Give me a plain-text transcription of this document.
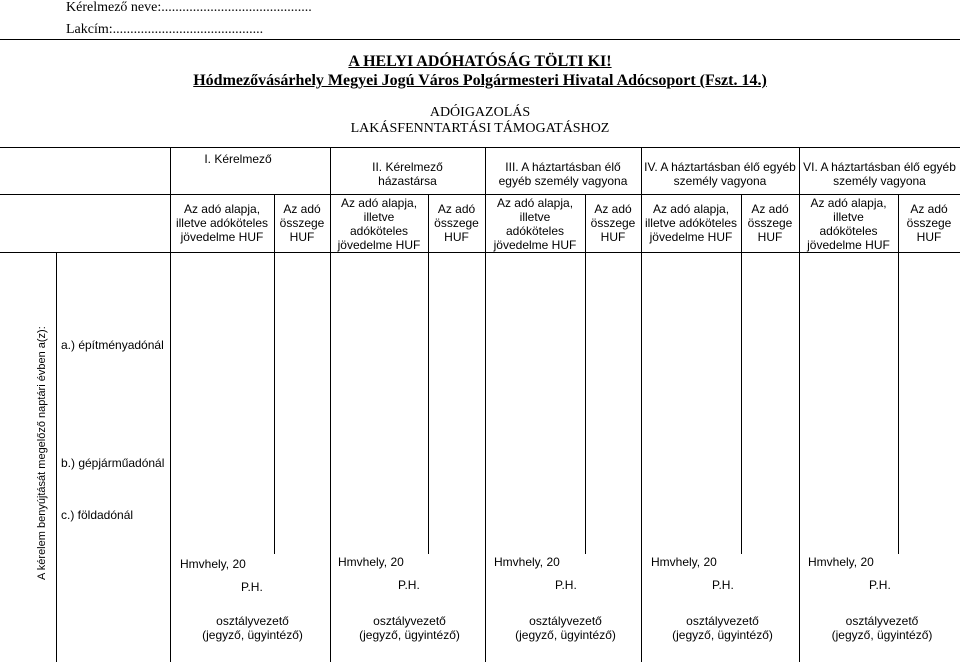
Kérelmező neve:...........................................
Lakcím:...........................................
A HELYI ADÓHATÓSÁG TÖLTI KI!
Hódmezővásárhely Megyei Jogú Város Polgármesteri Hivatal Adócsoport (Fszt. 14.)
ADÓIGAZOLÁS
LAKÁSFENNTARTÁSI TÁMOGATÁSHOZ
I. Kérelmező
II. Kérelmező
házastársa
III. A háztartásban élő
egyéb személy vagyona
IV. A háztartásban élő egyéb
személy vagyona
VI. A háztartásban élő egyéb
személy vagyona
Az adó alapja,
illetve adóköteles
jövedelme HUF
Az adó
összege
HUF
Az adó alapja,
illetve
adóköteles
jövedelme HUF
Az adó
összege
HUF
Az adó alapja,
illetve
adóköteles
jövedelme HUF
Az adó
összege
HUF
Az adó alapja,
illetve adóköteles
jövedelme HUF
Az adó
összege
HUF
Az adó alapja,
illetve
adóköteles
jövedelme HUF
Az adó
összege
HUF
A kérelem benyújtását megelőző naptári évben a(z): a.) építményadónál
b.) gépjárműadónál
c.) földadónál
Hmvhely, 20
P.H.
osztályvezető
(jegyző, ügyintéző)
Hmvhely, 20
P.H.
osztályvezető
(jegyző, ügyintéző)
Hmvhely, 20
P.H.
osztályvezető
(jegyző, ügyintéző)
Hmvhely, 20
P.H.
osztályvezető
(jegyző, ügyintéző)
Hmvhely, 20
P.H.
osztályvezető
(jegyző, ügyintéző)
